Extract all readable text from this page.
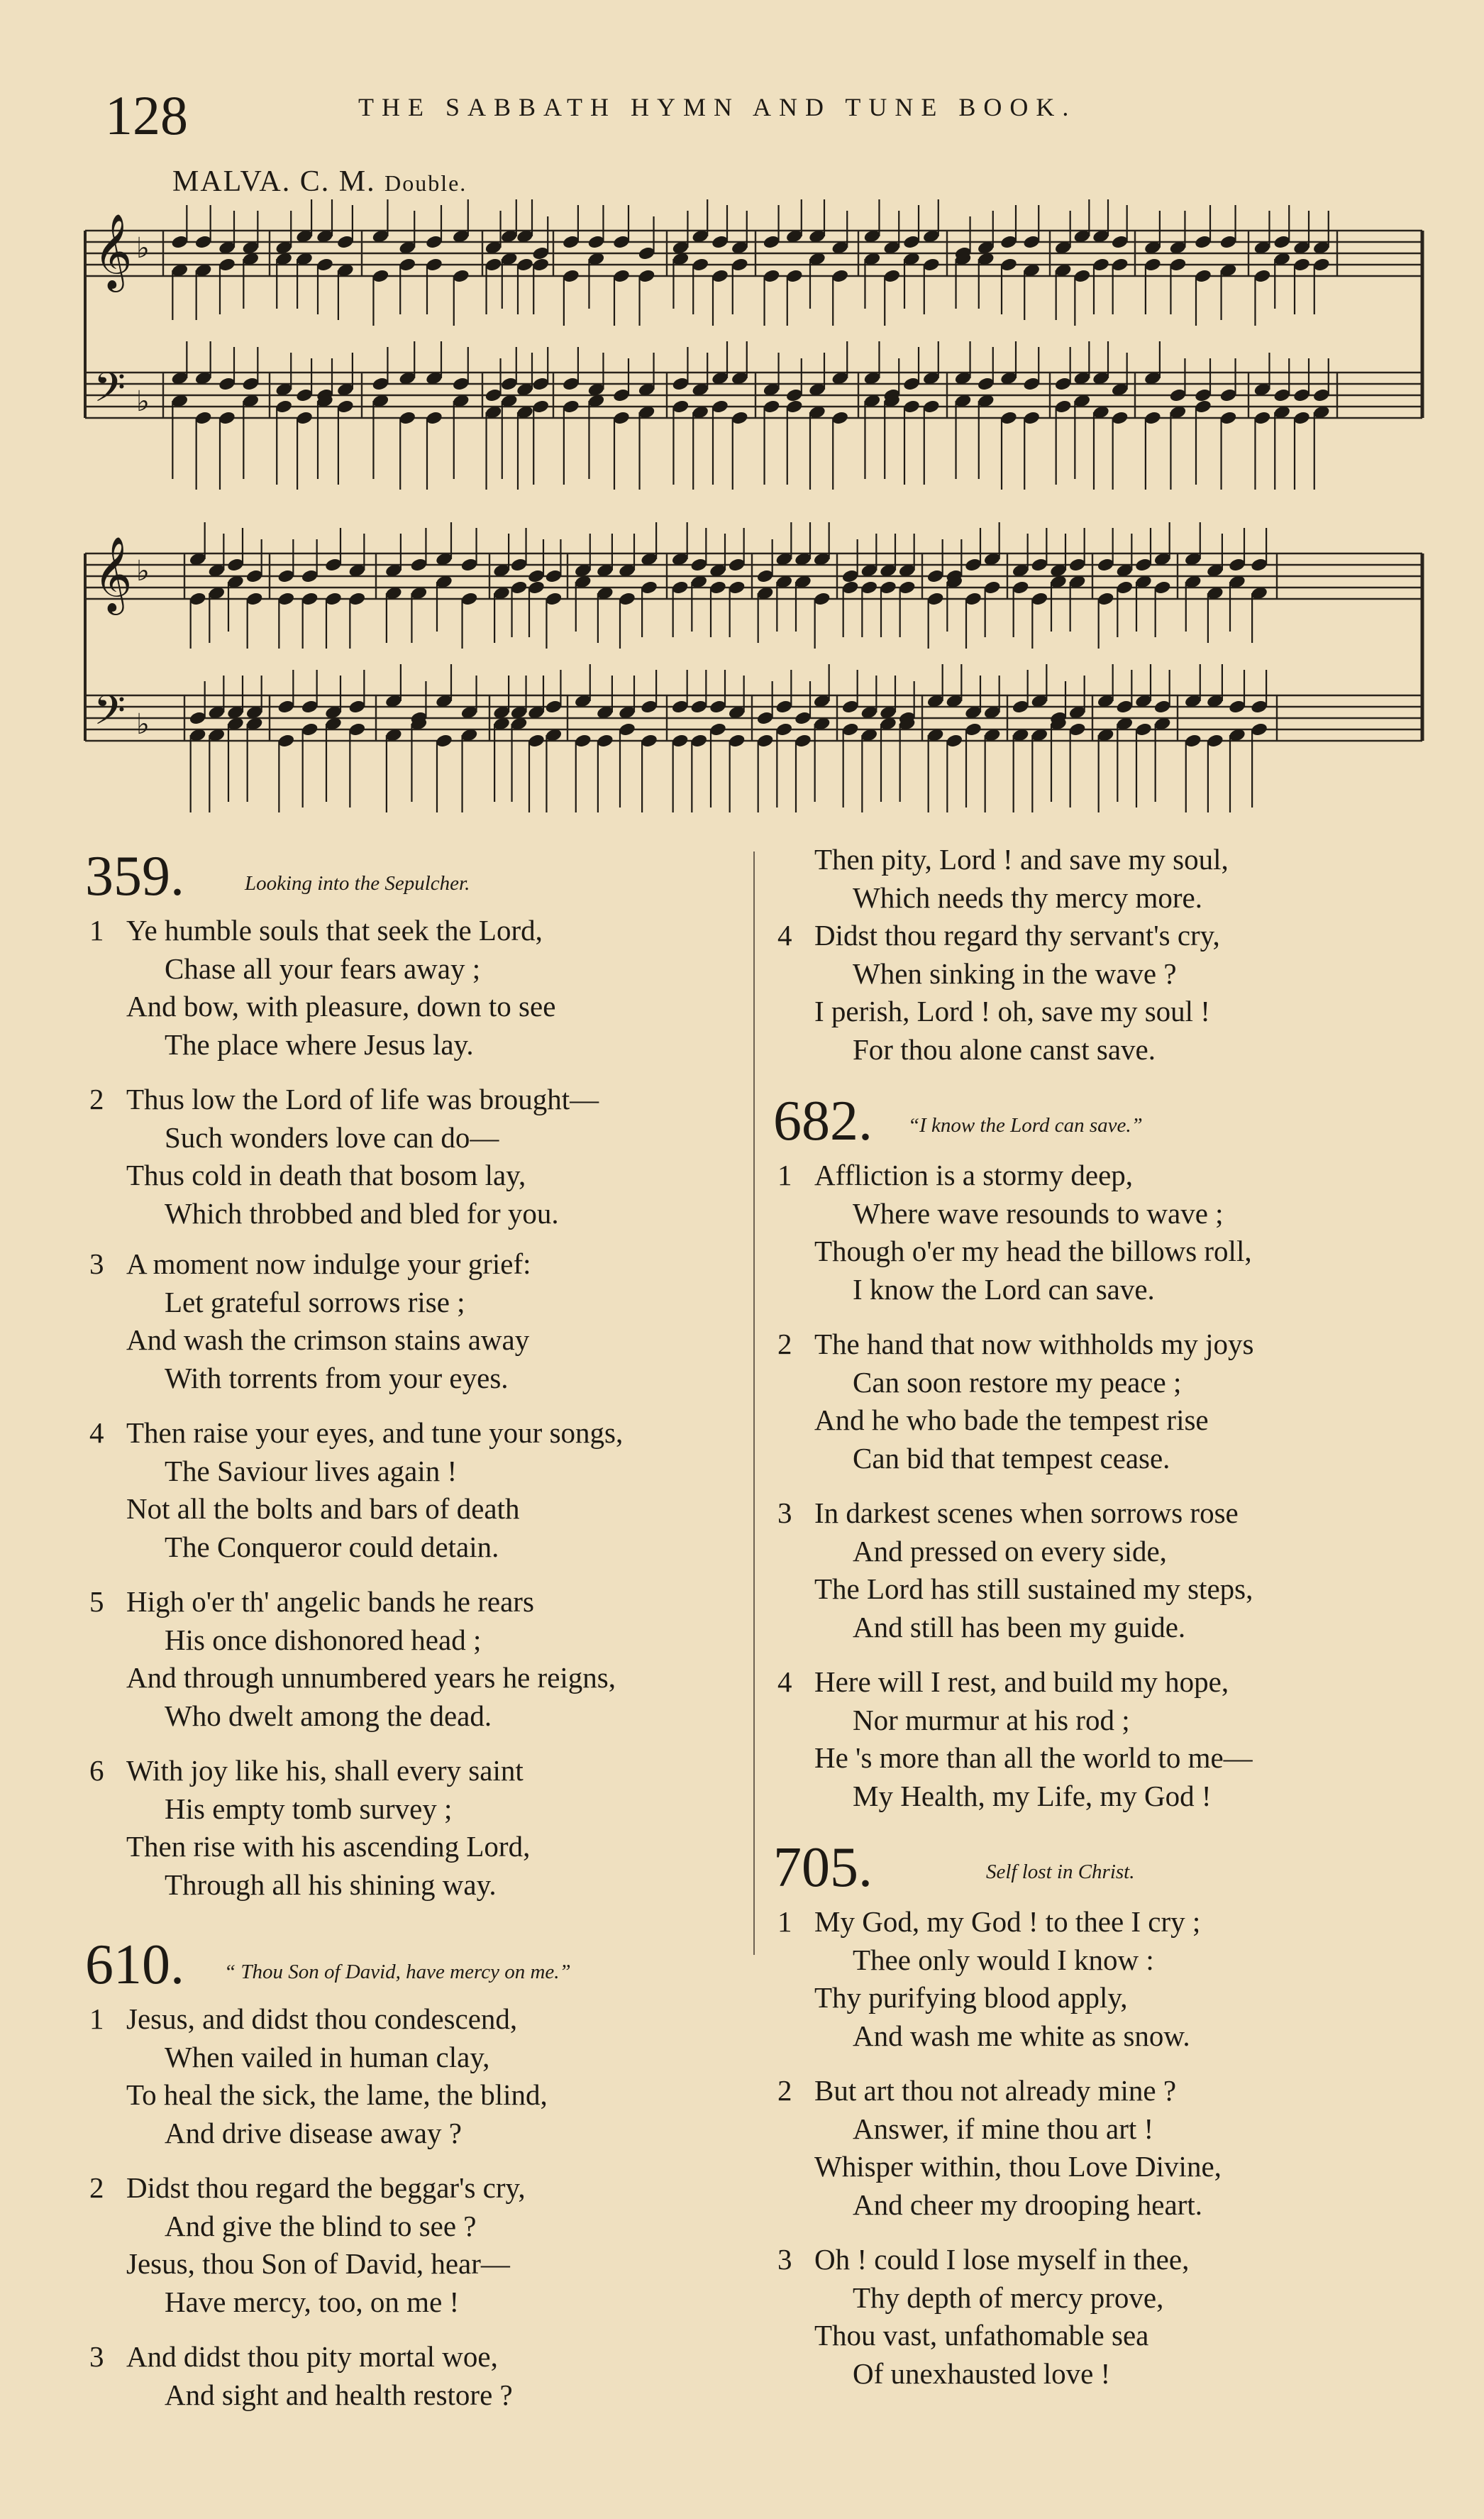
128	THE SABBATH HYMN AND TUNE BOOK.
MALVA. C. M. Double.
𝄞
𝄢
♭
♭
𝄞
𝄢
♭
♭
359.	Looking into the Sepulcher.
1 Ye humble souls that seek the Lord,
Chase all your fears away ;
And bow, with pleasure, down to see
The place where Jesus lay.
2 Thus low the Lord of life was brought—
Such wonders love can do—
Thus cold in death that bosom lay,
Which throbbed and bled for you.
3 A moment now indulge your grief:
Let grateful sorrows rise ;
And wash the crimson stains away
With torrents from your eyes.
4 Then raise your eyes, and tune your songs,
The Saviour lives again !
Not all the bolts and bars of death
The Conqueror could detain.
5 High o'er th' angelic bands he rears
His once dishonored head ;
And through unnumbered years he reigns,
Who dwelt among the dead.
6 With joy like his, shall every saint
His empty tomb survey ;
Then rise with his ascending Lord,
Through all his shining way.
610. “ Thou Son of David, have mercy on me.”
1 Jesus, and didst thou condescend,
When vailed in human clay,
To heal the sick, the lame, the blind,
And drive disease away ?
2 Didst thou regard the beggar's cry,
And give the blind to see ?
Jesus, thou Son of David, hear—
Have mercy, too, on me !
3 And didst thou pity mortal woe,
And sight and health restore ?
Then pity, Lord ! and save my soul,
Which needs thy mercy more.
4 Didst thou regard thy servant's cry,
When sinking in the wave ?
I perish, Lord ! oh, save my soul !
For thou alone canst save.
682. “I know the Lord can save.”
1 Affliction is a stormy deep,
Where wave resounds to wave ;
Though o'er my head the billows roll,
I know the Lord can save.
2 The hand that now withholds my joys
Can soon restore my peace ;
And he who bade the tempest rise
Can bid that tempest cease.
3 In darkest scenes when sorrows rose
And pressed on every side,
The Lord has still sustained my steps,
And still has been my guide.
4 Here will I rest, and build my hope,
Nor murmur at his rod ;
He 's more than all the world to me—
My Health, my Life, my God !
705.	Self lost in Christ.
1 My God, my God ! to thee I cry ;
Thee only would I know :
Thy purifying blood apply,
And wash me white as snow.
2 But art thou not already mine ?
Answer, if mine thou art !
Whisper within, thou Love Divine,
And cheer my drooping heart.
3 Oh ! could I lose myself in thee,
Thy depth of mercy prove,
Thou vast, unfathomable sea
Of unexhausted love !
